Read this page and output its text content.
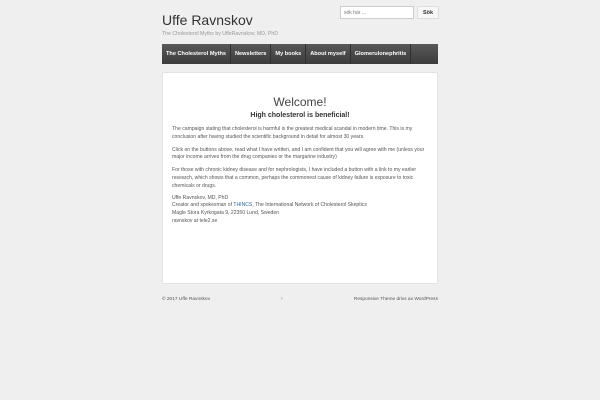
Uffe Ravnskov
The Cholesterol Myths by UffeRavnskov, MD, PhD
sök här ...
Sök
The Cholesterol Myths	Newsletters	My books	About myself	Glomerulonephritis
Welcome!
High cholesterol is beneficial!

The campaign stating that cholesterol is harmful is the greatest medical scandal in modern time. This is my conclusion after having studied the scientific background in detail for almost 30 years.

Click on the buttons above, read what I have written, and I am confident that you will agree with me (unless your major income arrives from the drug companies or the margarine industry)

For those with chronic kidney disease and for nephrologists, I have included a button with a link to my earlier research, which shows that a common, perhaps the commonest cause of kidney failure is exposure to toxic chemicals or drugs.

Uffe Ravnskov, MD, PhD
Creator and spokesman of THINCS, The International Network of Cholesterol Skeptics
Magle Stora Kyrkogata 9, 22350 Lund, Sweden
ravnskov at tele2.se
© 2017 Uffe Ravnskov	↑	Responsive Theme drivs av WordPress
